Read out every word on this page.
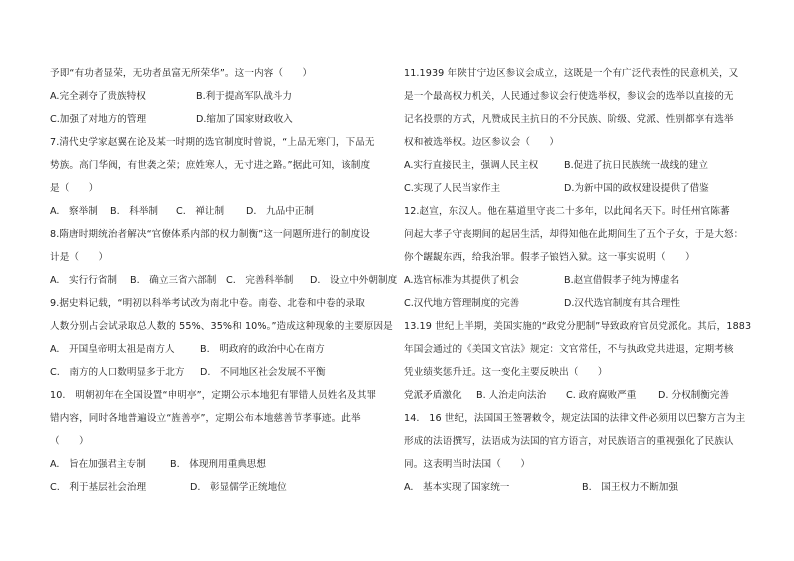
予即“有功者显荣，无功者虽富无所荣华”。这一内容（　　）
A.完全剥夺了贵族特权	B.利于提高军队战斗力
C.加强了对地方的管理	D.缩加了国家财政收入
7.清代史学家赵翼在论及某一时期的选官制度时曾说，“上品无寒门，下品无
势族。高门华阀，有世袭之荣；庶姓寒人，无寸进之路。”据此可知，该制度
是（　　）
A.　察举制 B.　科举制 C.　禅让制 D.　九品中正制
8.隋唐时期统治者解决“官僚体系内部的权力制衡”这一问题所进行的制度设
计是（　　）
A.　实行行省制 B.　确立三省六部制 C.　完善科举制 D.　设立中外朝制度
9.据史料记载，“明初以科举考试改为南北中卷。南卷、北卷和中卷的录取
人数分别占会试录取总人数的 55%、35%和 10%。”造成这种现象的主要原因是
A.　开国皇帝明太祖是南方人	B.　明政府的政治中心在南方
C.　南方的人口数明显多于北方 D.　不同地区社会发展不平衡
10.　明朝初年在全国设置“申明亭”，定期公示本地犯有罪错人员姓名及其罪
错内容，同时各地普遍设立“旌善亭”，定期公布本地慈善节孝事迹。此举
（　　）
A.　旨在加强君主专制	B.　体现刑用重典思想
C.　利于基层社会治理	D.　彰显儒学正统地位
11.1939 年陕甘宁边区参议会成立，这既是一个有广泛代表性的民意机关，又
是一个最高权力机关，人民通过参议会行使选举权，参议会的选举以直接的无
记名投票的方式，凡赞成民主抗日的不分民族、阶级、党派、性别都享有选举
权和被选举权。边区参议会（　　）
A.实行直接民主，强调人民主权	B.促进了抗日民族统一战线的建立
C.实现了人民当家作主	D.为新中国的政权建设提供了借鉴
12.赵宣，东汉人。他在墓道里守丧二十多年，以此闻名天下。时任州官陈蕃
问起大孝子守丧期间的起居生活，却得知他在此期间生了五个子女，于是大怒：
你个龌龊东西，给我治罪。假孝子锒铛入狱。这一事实说明（　　）
A.选官标准为其提供了机会	B.赵宣借假孝子纯为博虚名
C.汉代地方管理制度的完善	D.汉代选官制度有其合理性
13.19 世纪上半期，美国实施的“政党分肥制”导致政府官员党派化。其后，1883
年国会通过的《美国文官法》规定：文官常任，不与执政党共进退，定期考核
凭业绩奖惩升迁。这一变化主要反映出（　　）
党派矛盾激化 B. 人治走向法治 C. 政府腐败严重 D. 分权制衡完善
14.　16 世纪，法国国王签署敕令，规定法国的法律文件必须用以巴黎方言为主
形成的法语撰写，法语成为法国的官方语言，对民族语言的重视强化了民族认
同。这表明当时法国（　　）
A.　基本实现了国家统一	B.　国王权力不断加强
